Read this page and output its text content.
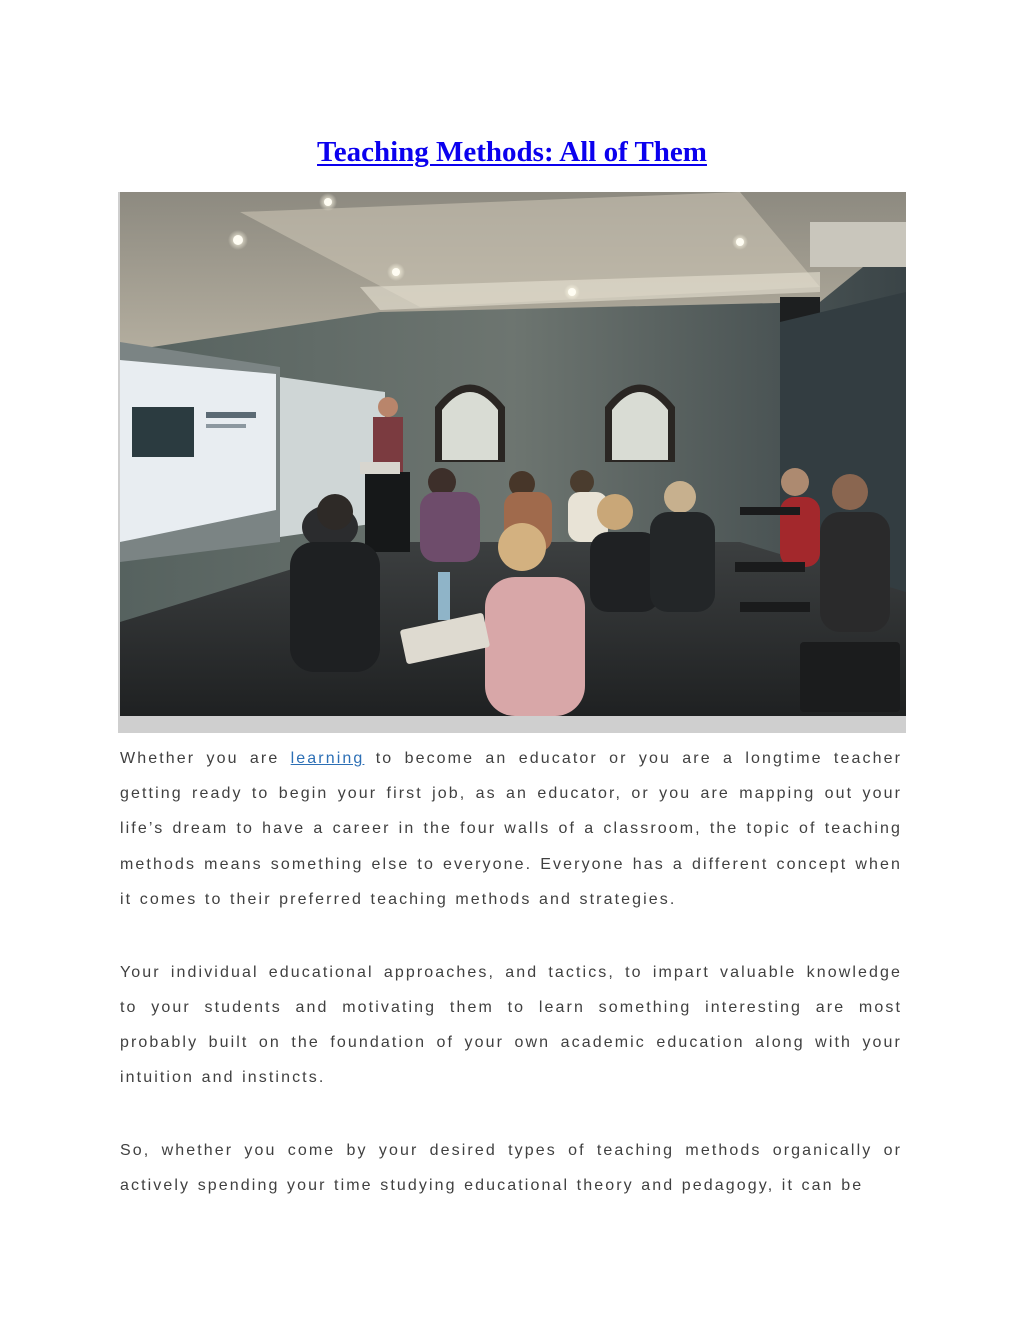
Teaching Methods: All of Them

Whether you are learning to become an educator or you are a longtime teacher getting ready to begin your first job, as an educator, or you are mapping out your life’s dream to have a career in the four walls of a classroom, the topic of teaching methods means something else to everyone. Everyone has a different concept when it comes to their preferred teaching methods and strategies.

Your individual educational approaches, and tactics, to impart valuable knowledge to your students and motivating them to learn something interesting are most probably built on the foundation of your own academic education along with your intuition and instincts.

So, whether you come by your desired types of teaching methods organically or actively spending your time studying educational theory and pedagogy, it can be
